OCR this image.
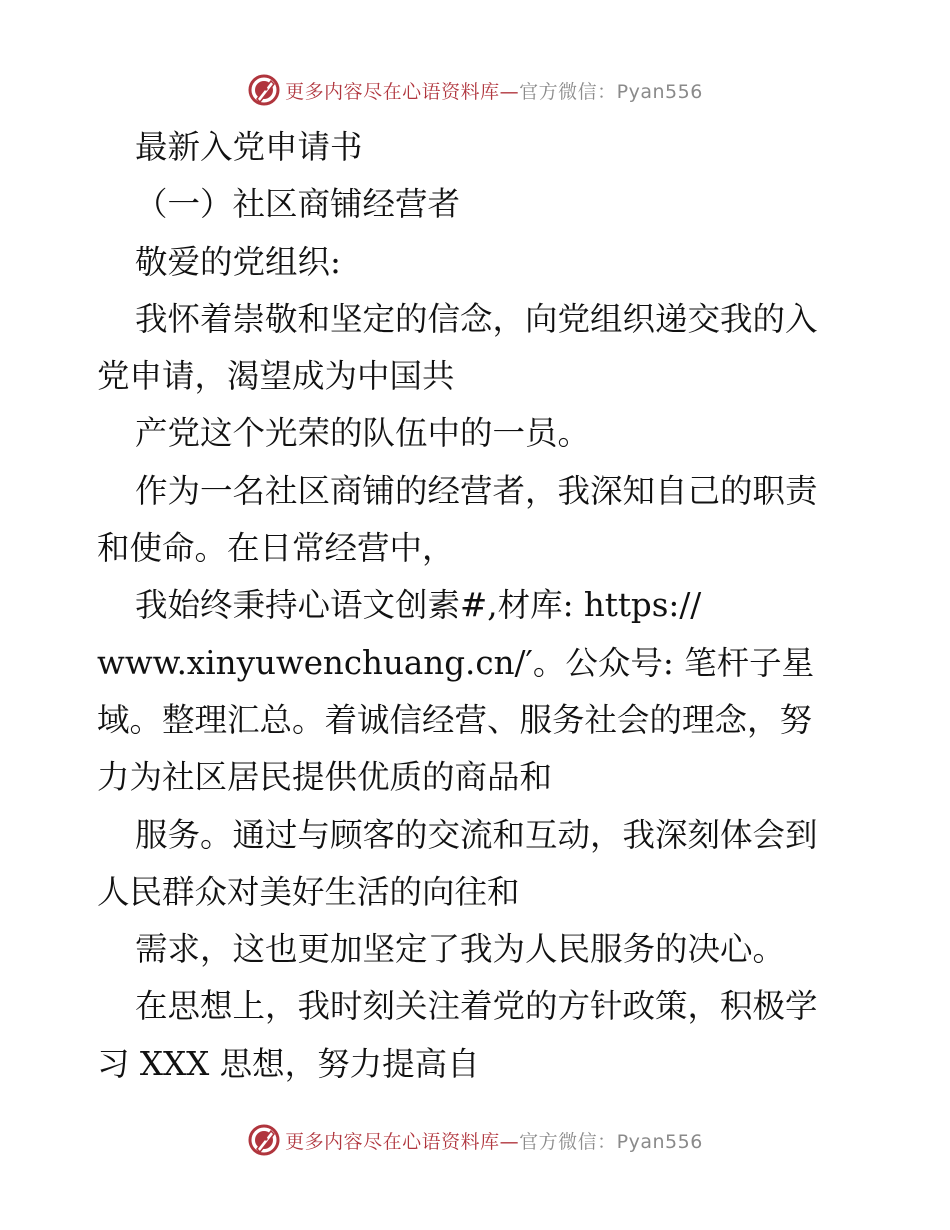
更多内容尽在心语资料库—官方微信：Pyan556
最新入党申请书
（一）社区商铺经营者
敬爱的党组织:
我怀着崇敬和坚定的信念，向党组织递交我的入
党申请，渴望成为中国共
产党这个光荣的队伍中的一员。
作为一名社区商铺的经营者，我深知自己的职责
和使命。在日常经营中，
我始终秉持心语文创素#,材库: https://
www.xinyuwenchuang.cn/′。公众号: 笔杆子星
域。整理汇总。着诚信经营、服务社会的理念，努
力为社区居民提供优质的商品和
服务。通过与顾客的交流和互动，我深刻体会到
人民群众对美好生活的向往和
需求，这也更加坚定了我为人民服务的决心。
在思想上，我时刻关注着党的方针政策，积极学
习 XXX 思想，努力提高自
更多内容尽在心语资料库—官方微信：Pyan556
